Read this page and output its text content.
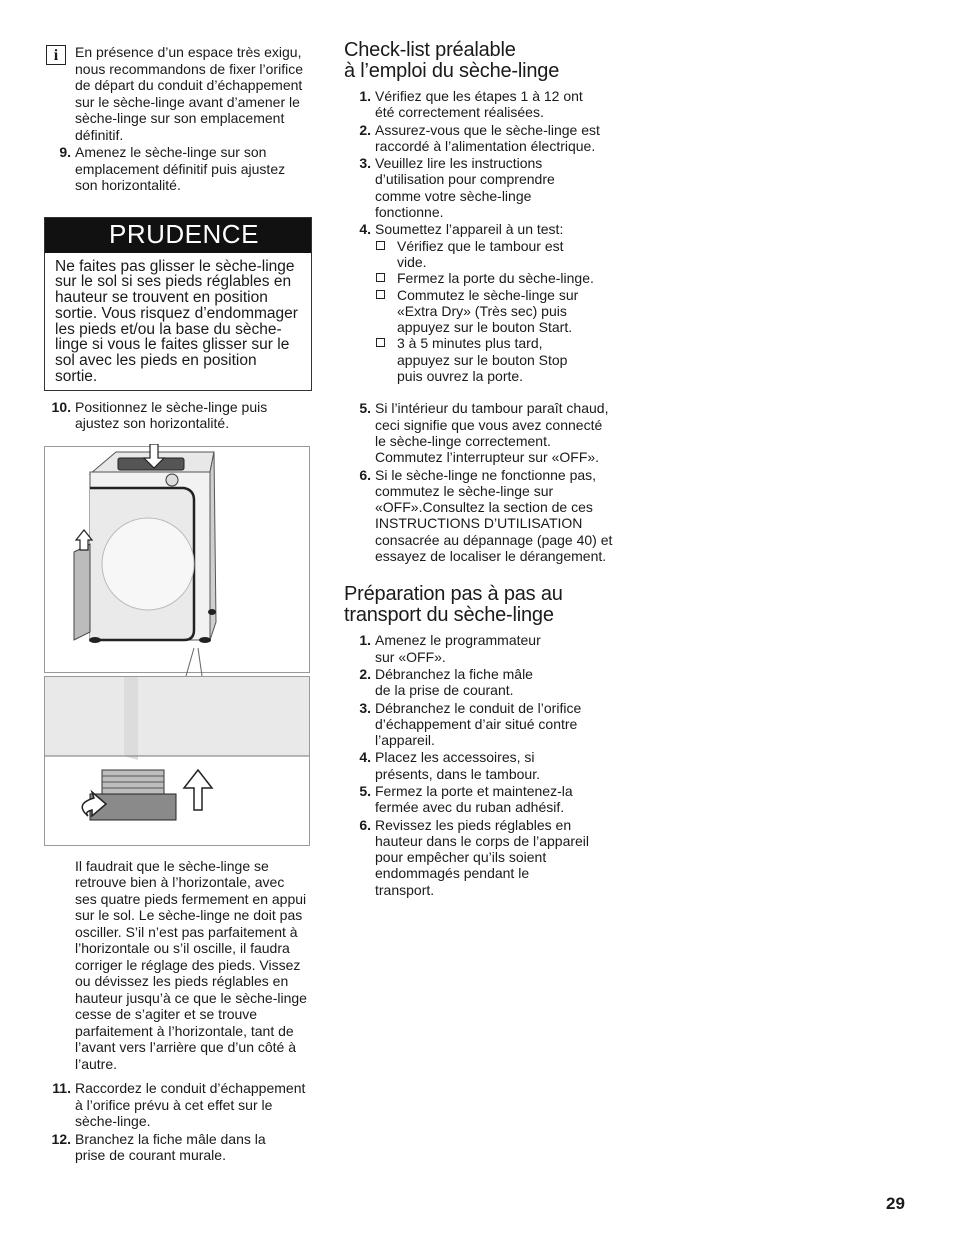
i	En présence d’un espace très exigu, nous recommandons de fixer l’orifice de départ du conduit d’échappement sur le sèche-linge avant d’amener le sèche-linge sur son emplacement définitif.

9. Amenez le sèche-linge sur son emplacement définitif puis ajustez son horizontalité.
PRUDENCE
Ne faites pas glisser le sèche-linge sur le sol si ses pieds réglables en hauteur se trouvent en position sortie. Vous risquez d’endommager les pieds et/ou la base du sèche-linge si vous le faites glisser sur le sol avec les pieds en position sortie.
10. Positionnez le sèche-linge puis ajustez son horizontalité.

Il faudrait que le sèche-linge se retrouve bien à l’horizontale, avec ses quatre pieds fermement en appui sur le sol. Le sèche-linge ne doit pas osciller. S’il n’est pas parfaitement à l’horizontale ou s’il oscille, il faudra corriger le réglage des pieds. Vissez ou dévissez les pieds réglables en hauteur jusqu’à ce que le sèche-linge cesse de s’agiter et se trouve parfaitement à l’horizontale, tant de l’avant vers l’arrière que d’un côté à l’autre.

11. Raccordez le conduit d’échappement à l’orifice prévu à cet effet sur le sèche-linge.
12. Branchez la fiche mâle dans la prise de courant murale.
Check-list préalable
à l’emploi du sèche-linge
1. Vérifiez que les étapes 1 à 12 ont été correctement réalisées.
2. Assurez-vous que le sèche-linge est raccordé à l’alimentation électrique.
3. Veuillez lire les instructions d’utilisation pour comprendre comme votre sèche-linge fonctionne.
4. Soumettez l’appareil à un test:
Vérifiez que le tambour est vide.
Fermez la porte du sèche-linge.
Commutez le sèche-linge sur «Extra Dry» (Très sec) puis appuyez sur le bouton Start.
3 à 5 minutes plus tard, appuyez sur le bouton Stop puis ouvrez la porte.
5. Si l’intérieur du tambour paraît chaud, ceci signifie que vous avez connecté le sèche-linge correctement. Commutez l’interrupteur sur «OFF».
6. Si le sèche-linge ne fonctionne pas, commutez le sèche-linge sur «OFF».Consultez la section de ces INSTRUCTIONS D’UTILISATION consacrée au dépannage (page 40) et essayez de localiser le dérangement.
Préparation pas à pas au
transport du sèche-linge
1. Amenez le programmateur sur «OFF».
2. Débranchez la fiche mâle de la prise de courant.
3. Débranchez le conduit de l’orifice d’échappement d’air situé contre l’appareil.
4. Placez les accessoires, si présents, dans le tambour.
5. Fermez la porte et maintenez-la fermée avec du ruban adhésif.
6. Revissez les pieds réglables en hauteur dans le corps de l’appareil pour empêcher qu’ils soient endommagés pendant le transport.
29
